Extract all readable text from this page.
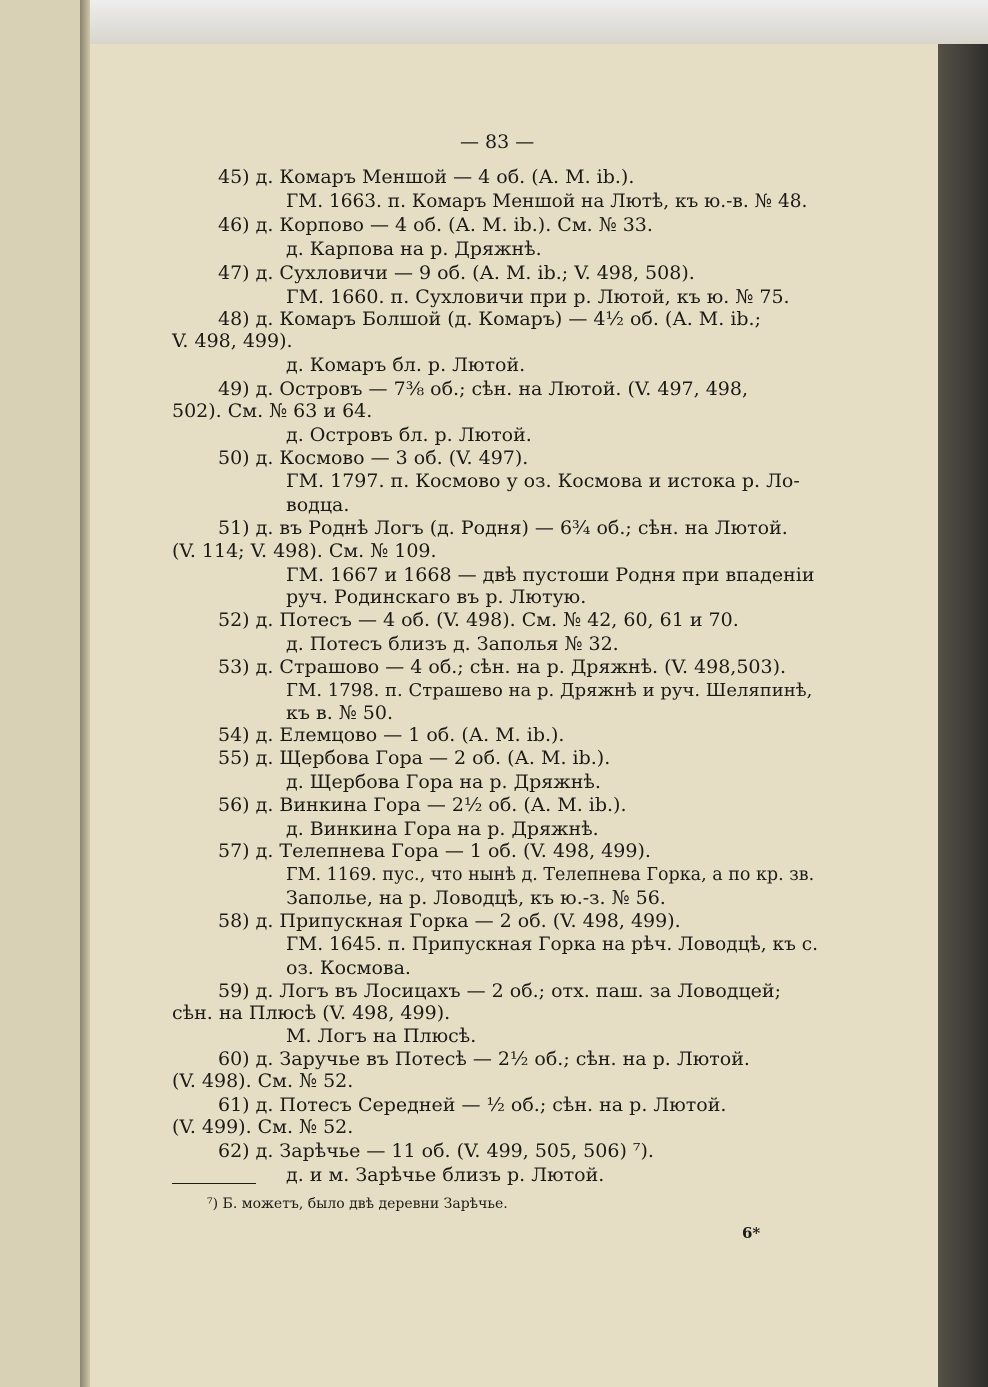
— 83 —
45) д. Комаръ Меншой — 4 об. (А. М. ib.).
ГМ. 1663. п. Комаръ Меншой на Лютѣ, къ ю.-в. № 48.
46) д. Корпово — 4 об. (А. М. ib.). См. № 33.
д. Карпова на р. Дряжнѣ.
47) д. Сухловичи — 9 об. (А. М. ib.; V. 498, 508).
ГМ. 1660. п. Сухловичи при р. Лютой, къ ю. № 75.
48) д. Комаръ Болшой (д. Комаръ) — 4½ об. (А. М. ib.;
V. 498, 499).
д. Комаръ бл. р. Лютой.
49) д. Островъ — 7⅜ об.; сѣн. на Лютой. (V. 497, 498,
502). См. № 63 и 64.
д. Островъ бл. р. Лютой.
50) д. Космово — 3 об. (V. 497).
ГМ. 1797. п. Космово у оз. Космова и истока р. Ло-
водца.
51) д. въ Роднѣ Логъ (д. Родня) — 6¾ об.; сѣн. на Лютой.
(V. 114; V. 498). См. № 109.
ГМ. 1667 и 1668 — двѣ пустоши Родня при впаденіи
руч. Родинскаго въ р. Лютую.
52) д. Потесъ — 4 об. (V. 498). См. № 42, 60, 61 и 70.
д. Потесъ близъ д. Заполья № 32.
53) д. Страшово — 4 об.; сѣн. на р. Дряжнѣ. (V. 498,503).
ГМ. 1798. п. Страшево на р. Дряжнѣ и руч. Шеляпинѣ,
къ в. № 50.
54) д. Елемцово — 1 об. (А. М. ib.).
55) д. Щербова Гора — 2 об. (А. М. ib.).
д. Щербова Гора на р. Дряжнѣ.
56) д. Винкина Гора — 2½ об. (А. М. ib.).
д. Винкина Гора на р. Дряжнѣ.
57) д. Телепнева Гора — 1 об. (V. 498, 499).
ГМ. 1169. пус., что нынѣ д. Телепнева Горка, а по кр. зв.
Заполье, на р. Ловодцѣ, къ ю.-з. № 56.
58) д. Припускная Горка — 2 об. (V. 498, 499).
ГМ. 1645. п. Припускная Горка на рѣч. Ловодцѣ, къ с.
оз. Космова.
59) д. Логъ въ Лосицахъ — 2 об.; отх. паш. за Ловодцей;
сѣн. на Плюсѣ (V. 498, 499).
М. Логъ на Плюсѣ.
60) д. Заручье въ Потесѣ — 2½ об.; сѣн. на р. Лютой.
(V. 498). См. № 52.
61) д. Потесъ Середней — ½ об.; сѣн. на р. Лютой.
(V. 499). См. № 52.
62) д. Зарѣчье — 11 об. (V. 499, 505, 506) ⁷).
д. и м. Зарѣчье близъ р. Лютой.
⁷) Б. можетъ, было двѣ деревни Зарѣчье.
6*
